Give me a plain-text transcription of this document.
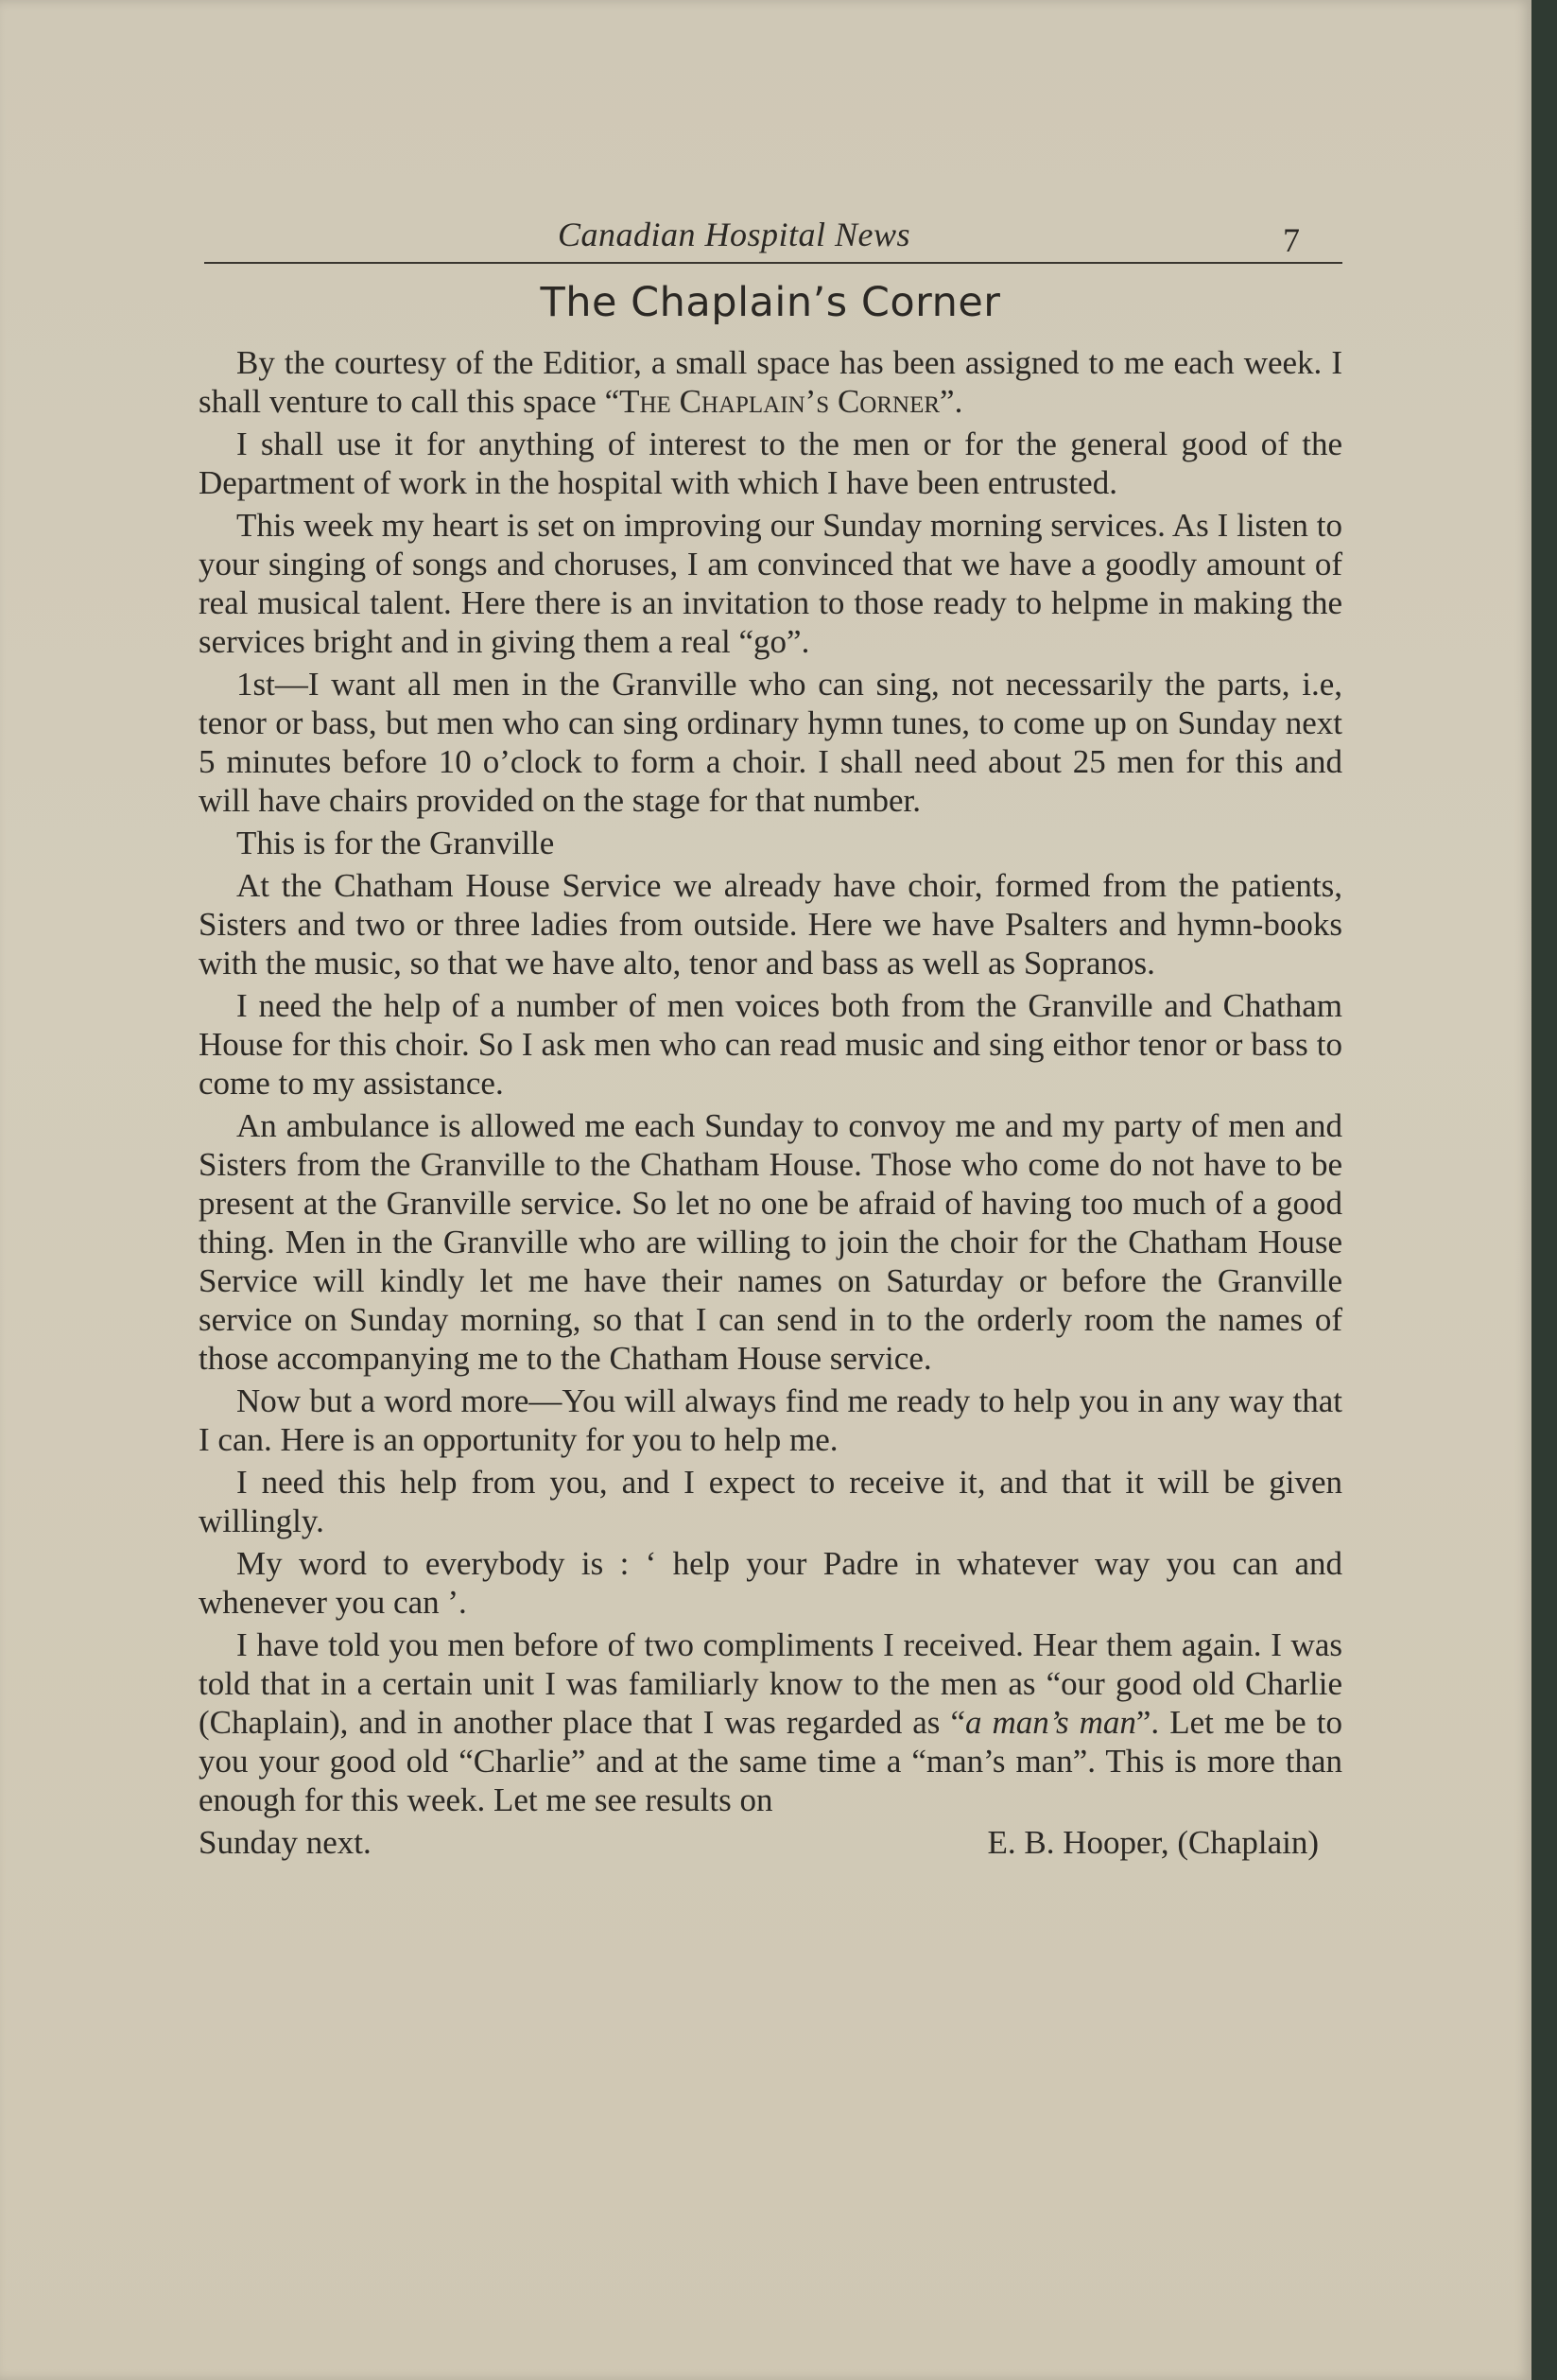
Canadian Hospital News	7
The Chaplain’s Corner

By the courtesy of the Editior, a small space has been assigned to me each week. I shall venture to call this space “The Chaplain’s Corner”.

I shall use it for anything of interest to the men or for the general good of the Department of work in the hospital with which I have been entrusted.

This week my heart is set on improving our Sunday morning services. As I listen to your singing of songs and choruses, I am convinced that we have a goodly amount of real musical talent. Here there is an invitation to those ready to helpme in making the services bright and in giving them a real “go”.

1st—I want all men in the Granville who can sing, not necessarily the parts, i.e, tenor or bass, but men who can sing ordinary hymn tunes, to come up on Sunday next 5 minutes before 10 o’clock to form a choir. I shall need about 25 men for this and will have chairs provided on the stage for that number.

This is for the Granville

At the Chatham House Service we already have choir, formed from the patients, Sisters and two or three ladies from outside. Here we have Psalters and hymn-books with the music, so that we have alto, tenor and bass as well as Sopranos.

I need the help of a number of men voices both from the Granville and Chatham House for this choir. So I ask men who can read music and sing eithor tenor or bass to come to my assistance.

An ambulance is allowed me each Sunday to convoy me and my party of men and Sisters from the Granville to the Chatham House. Those who come do not have to be present at the Granville service. So let no one be afraid of having too much of a good thing. Men in the Granville who are willing to join the choir for the Chatham House Service will kindly let me have their names on Saturday or before the Granville service on Sunday morning, so that I can send in to the orderly room the names of those accompanying me to the Chatham House service.

Now but a word more—You will always find me ready to help you in any way that I can. Here is an opportunity for you to help me.

I need this help from you, and I expect to receive it, and that it will be given willingly.

My word to everybody is : ‘ help your Padre in whatever way you can and whenever you can ’.

I have told you men before of two compliments I received. Hear them again. I was told that in a certain unit I was familiarly know to the men as “our good old Charlie (Chaplain), and in another place that I was regarded as “a man’s man”. Let me be to you your good old “Charlie” and at the same time a “man’s man”. This is more than enough for this week. Let me see results on

Sunday next.	E. B. Hooper, (Chaplain)
